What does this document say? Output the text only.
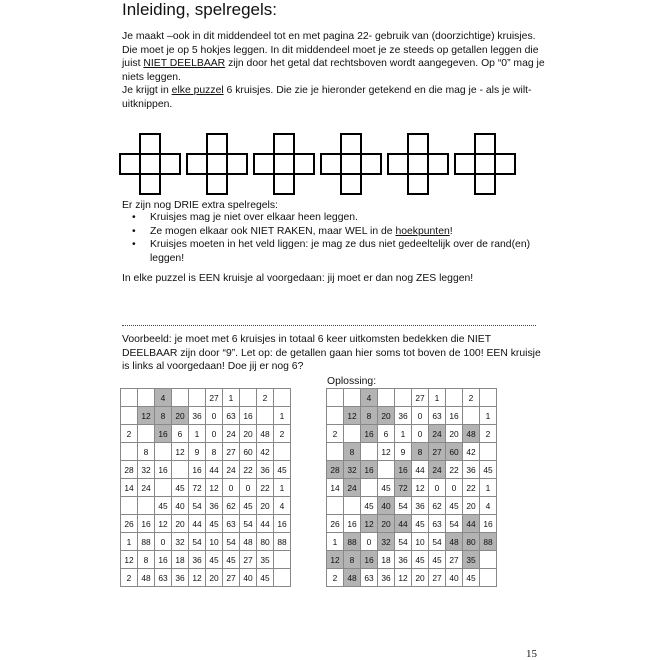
Inleiding, spelregels:

Je maakt –ook in dit middendeel tot en met pagina 22- gebruik van (doorzichtige) kruisjes. Die moet je op 5 hokjes leggen. In dit middendeel moet je ze steeds op getallen leggen die juist NIET DEELBAAR zijn door het getal dat rechtsboven wordt aangegeven. Op “0” mag je niets leggen.

Je krijgt in elke puzzel 6 kruisjes. Die zie je hieronder getekend en die mag je - als je wilt- uitknippen.

Er zijn nog DRIE extra spelregels:
• Kruisjes mag je niet over elkaar heen leggen.
• Ze mogen elkaar ook NIET RAKEN, maar WEL in de hoekpunten!
• Kruisjes moeten in het veld liggen: je mag ze dus niet gedeeltelijk over de rand(en) leggen!
In elke puzzel is EEN kruisje al voorgedaan: jij moet er dan nog ZES leggen!
Voorbeeld: je moet met 6 kruisjes in totaal 6 keer uitkomsten bedekken die NIET DEELBAAR zijn door “9”. Let op: de getallen gaan hier soms tot boven de 100! EEN kruisje is links al voorgedaan! Doe jij er nog 6?
Oplossing:
		4			27	1		2	
	12	8	20	36	0	63	16		1
2		16	6	1	0	24	20	48	2
	8		12	9	8	27	60	42	
28	32	16		16	44	24	22	36	45
14	24		45	72	12	0	0	22	1
		45	40	54	36	62	45	20	4
26	16	12	20	44	45	63	54	44	16
1	88	0	32	54	10	54	48	80	88
12	8	16	18	36	45	45	27	35	
2	48	63	36	12	20	27	40	45	
		4			27	1		2	
	12	8	20	36	0	63	16		1
2		16	6	1	0	24	20	48	2
	8		12	9	8	27	60	42	
28	32	16		16	44	24	22	36	45
14	24		45	72	12	0	0	22	1
		45	40	54	36	62	45	20	4
26	16	12	20	44	45	63	54	44	16
1	88	0	32	54	10	54	48	80	88
12	8	16	18	36	45	45	27	35	
2	48	63	36	12	20	27	40	45	
15
